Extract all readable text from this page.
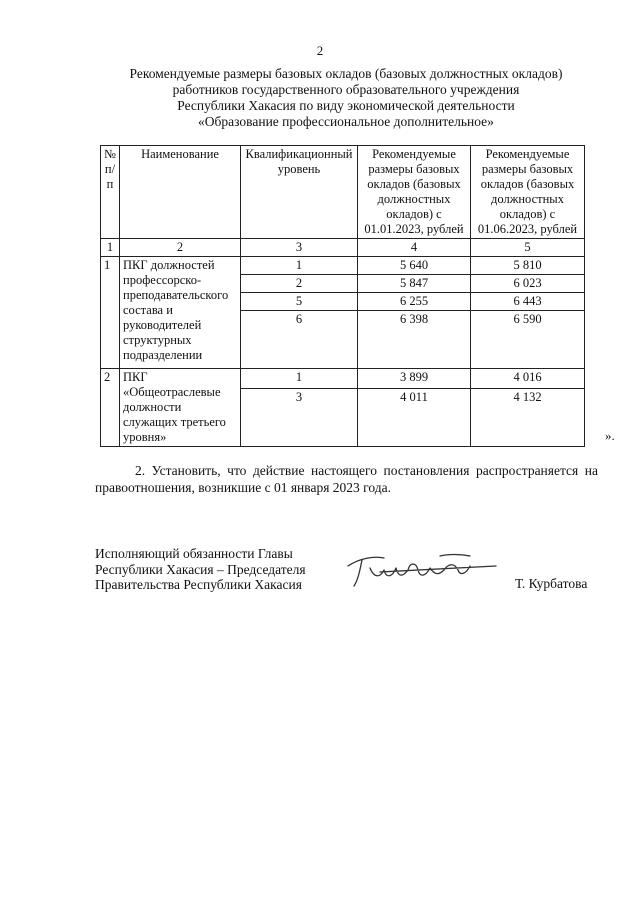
2
Рекомендуемые размеры базовых окладов (базовых должностных окладов)
работников государственного образовательного учреждения
Республики Хакасия по виду экономической деятельности
«Образование профессиональное дополнительное»
№ п/п	Наименование	Квалификационный уровень	Рекомендуемые размеры базовых окладов (базовых должностных окладов) с 01.01.2023, рублей	Рекомендуемые размеры базовых окладов (базовых должностных окладов) с 01.06.2023, рублей
1	2	3	4	5
1	ПКГ должностей профессорско-преподавательского состава и руководителей структурных подразделении	1	5 640	5 810
		2	5 847	6 023
		5	6 255	6 443
		6	6 398	6 590
2	ПКГ «Общеотраслевые должности служащих третьего уровня»	1	3 899	4 016
		3	4 011	4 132
».
2. Установить, что действие настоящего постановления распространяется на правоотношения, возникшие с 01 января 2023 года.
Исполняющий обязанности Главы
Республики Хакасия – Председателя
Правительства Республики Хакасия	Т. Курбатова
